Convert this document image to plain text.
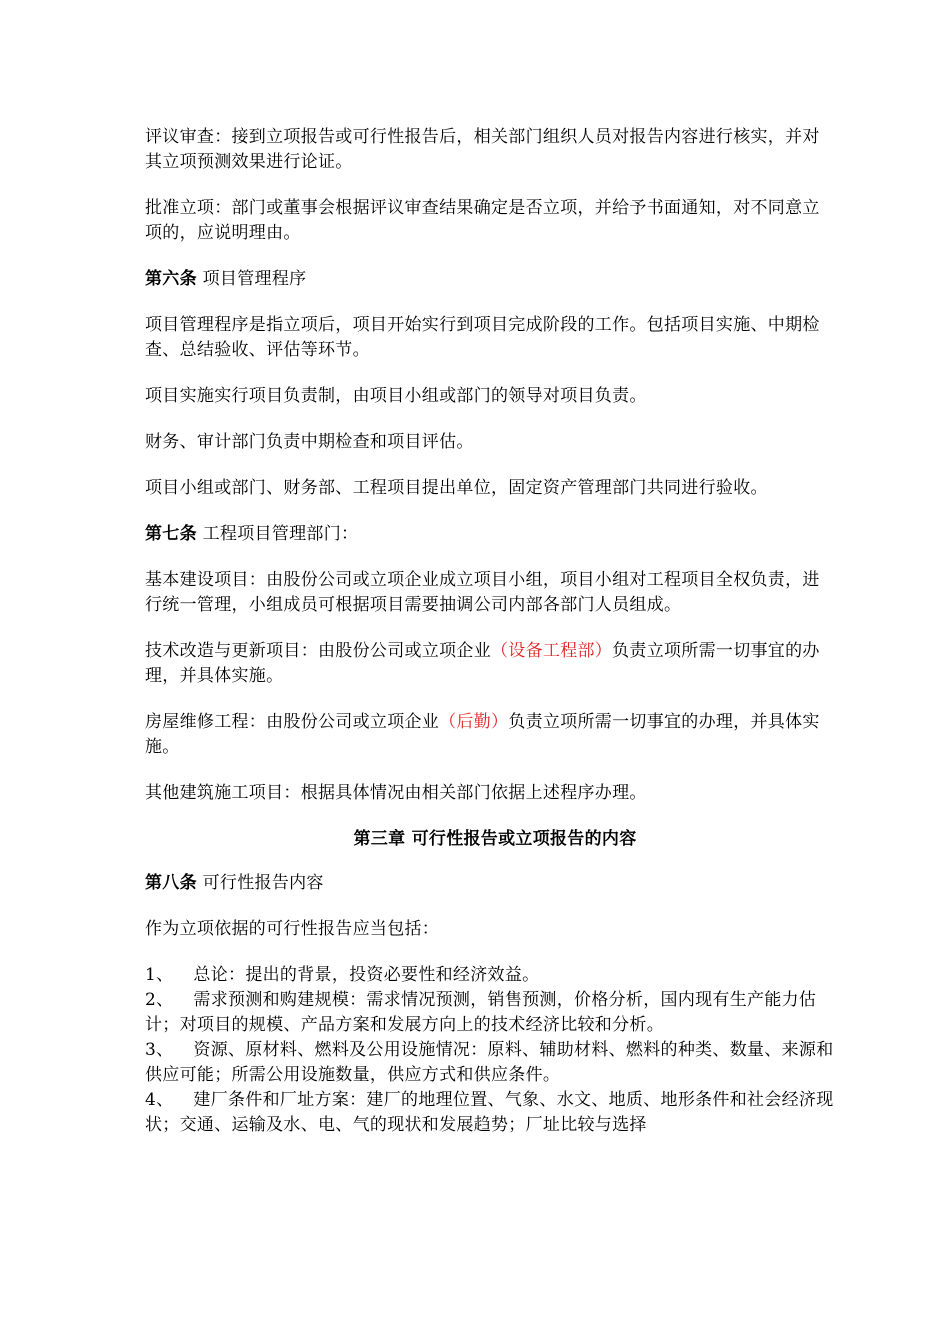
评议审查：接到立项报告或可行性报告后，相关部门组织人员对报告内容进行核实，并对其立项预测效果进行论证。

批准立项：部门或董事会根据评议审查结果确定是否立项，并给予书面通知，对不同意立项的，应说明理由。

第六条 项目管理程序

项目管理程序是指立项后，项目开始实行到项目完成阶段的工作。包括项目实施、中期检查、总结验收、评估等环节。

项目实施实行项目负责制，由项目小组或部门的领导对项目负责。

财务、审计部门负责中期检查和项目评估。

项目小组或部门、财务部、工程项目提出单位，固定资产管理部门共同进行验收。

第七条 工程项目管理部门：

基本建设项目：由股份公司或立项企业成立项目小组，项目小组对工程项目全权负责，进行统一管理，小组成员可根据项目需要抽调公司内部各部门人员组成。

技术改造与更新项目：由股份公司或立项企业（设备工程部）负责立项所需一切事宜的办理，并具体实施。

房屋维修工程：由股份公司或立项企业（后勤）负责立项所需一切事宜的办理，并具体实施。

其他建筑施工项目：根据具体情况由相关部门依据上述程序办理。

第三章 可行性报告或立项报告的内容

第八条 可行性报告内容

作为立项依据的可行性报告应当包括：

1、 总论：提出的背景，投资必要性和经济效益。

2、 需求预测和购建规模：需求情况预测，销售预测，价格分析，国内现有生产能力估计；对项目的规模、产品方案和发展方向上的技术经济比较和分析。

3、 资源、原材料、燃料及公用设施情况：原料、辅助材料、燃料的种类、数量、来源和供应可能；所需公用设施数量，供应方式和供应条件。

4、 建厂条件和厂址方案：建厂的地理位置、气象、水文、地质、地形条件和社会经济现状；交通、运输及水、电、气的现状和发展趋势；厂址比较与选择
